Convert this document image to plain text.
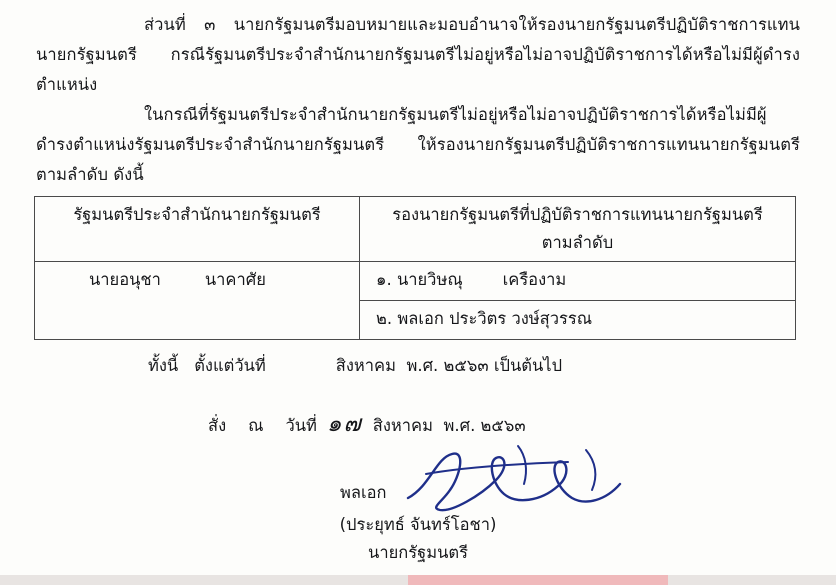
ส่วนที่ ๓ นายกรัฐมนตรีมอบหมายและมอบอำนาจให้รองนายกรัฐมนตรีปฏิบัติราชการแทนนายกรัฐมนตรี กรณีรัฐมนตรีประจำสำนักนายกรัฐมนตรีไม่อยู่หรือไม่อาจปฏิบัติราชการได้หรือไม่มีผู้ดำรงตำแหน่ง
ในกรณีที่รัฐมนตรีประจำสำนักนายกรัฐมนตรีไม่อยู่หรือไม่อาจปฏิบัติราชการได้หรือไม่มีผู้ดำรงตำแหน่งรัฐมนตรีประจำสำนักนายกรัฐมนตรี ให้รองนายกรัฐมนตรีปฏิบัติราชการแทนนายกรัฐมนตรีตามลำดับ ดังนี้
รัฐมนตรีประจำสำนักนายกรัฐมนตรี	รองนายกรัฐมนตรีที่ปฏิบัติราชการแทนนายกรัฐมนตรี
ตามลำดับ

นายอนุชา นาคาศัย	๑. นายวิษณุ เครืองาม
	๒. พลเอก ประวิตร วงษ์สุวรรณ
ทั้งนี้ ตั้งแต่วันที่	สิงหาคม พ.ศ. ๒๕๖๓ เป็นต้นไป
สั่ง ณ วันที่ ๑๗ สิงหาคม พ.ศ. ๒๕๖๓
พลเอก
(ประยุทธ์ จันทร์โอชา)
นายกรัฐมนตรี
